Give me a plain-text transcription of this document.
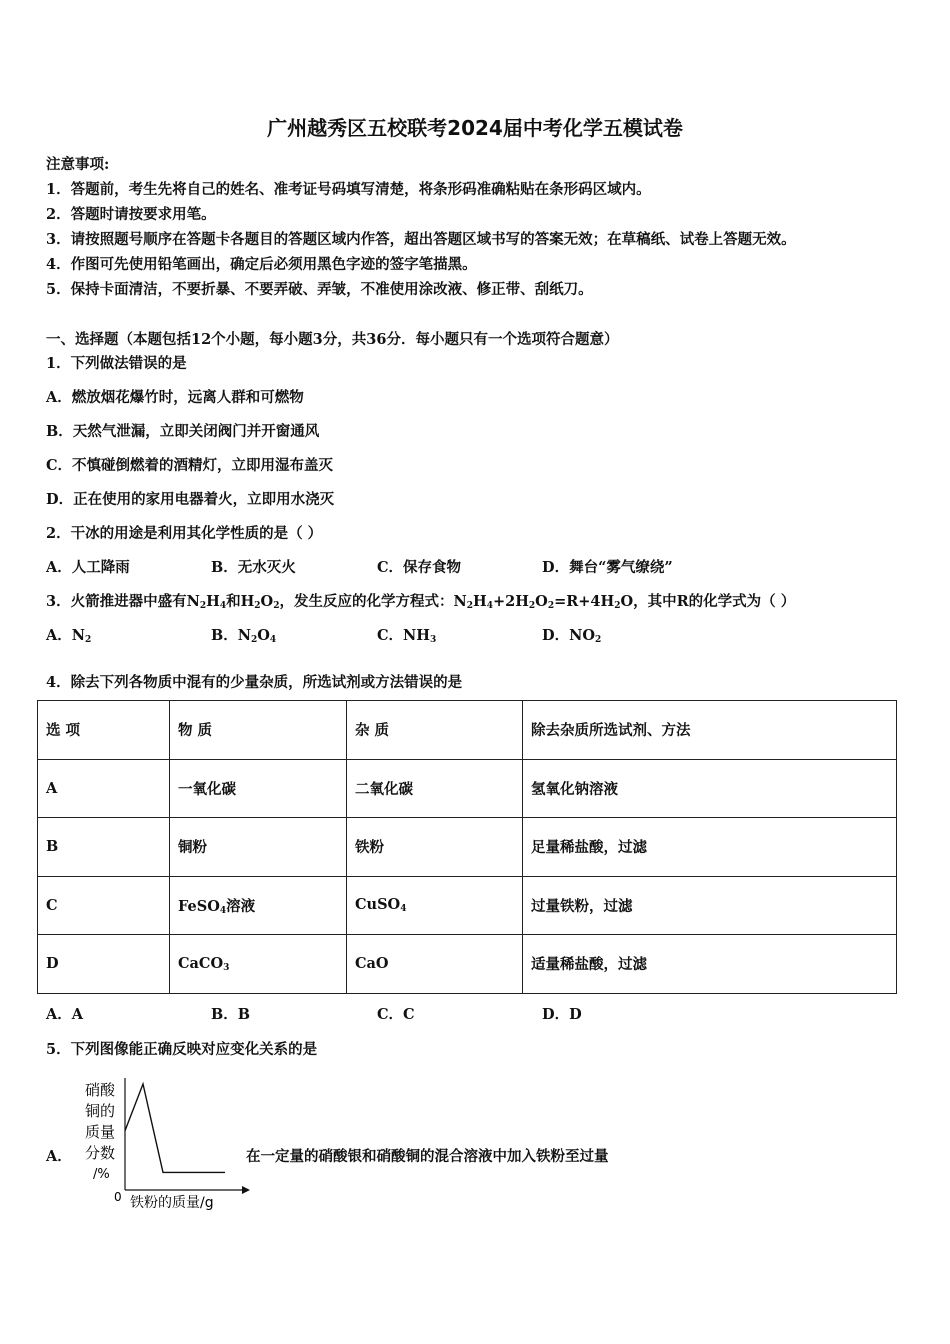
广州越秀区五校联考2024届中考化学五模试卷
注意事项:
1．答题前，考生先将自己的姓名、准考证号码填写清楚，将条形码准确粘贴在条形码区域内。
2．答题时请按要求用笔。
3．请按照题号顺序在答题卡各题目的答题区域内作答，超出答题区域书写的答案无效；在草稿纸、试卷上答题无效。
4．作图可先使用铅笔画出，确定后必须用黑色字迹的签字笔描黑。
5．保持卡面清洁，不要折暴、不要弄破、弄皱，不准使用涂改液、修正带、刮纸刀。
一、选择题（本题包括12个小题，每小题3分，共36分．每小题只有一个选项符合题意）
1．下列做法错误的是
A．燃放烟花爆竹时，远离人群和可燃物
B．天然气泄漏，立即关闭阀门并开窗通风
C．不慎碰倒燃着的酒精灯，立即用湿布盖灭
D．正在使用的家用电器着火，立即用水浇灭
2．干冰的用途是利用其化学性质的是（ ）
A．人工降雨	B．无水灭火	C．保存食物	D．舞台“雾气缭绕”
3．火箭推进器中盛有$N_2H_4$和$H_2O_2$，发生反应的化学方程式：$N_2H_4+2H_2O_2=R+4H_2O$，其中R的化学式为（ ）
A．$N_2$	B．$N_2O_4$	C．$NH_3$	D．$NO_2$
4．除去下列各物质中混有的少量杂质，所选试剂或方法错误的是
选 项	物 质	杂 质	除去杂质所选试剂、方法
A	一氧化碳	二氧化碳	氢氧化钠溶液
B	铜粉	铁粉	足量稀盐酸，过滤
C	FeSO$_4$溶液	CuSO$_4$	过量铁粉，过滤
D	CaCO$_3$	CaO	适量稀盐酸，过滤
A．A	B．B	C．C	D．D
5．下列图像能正确反映对应变化关系的是
A．	在一定量的硝酸银和硝酸铜的混合溶液中加入铁粉至过量
硝酸
铜的
质量
分数
/%
0 铁粉的质量/g
